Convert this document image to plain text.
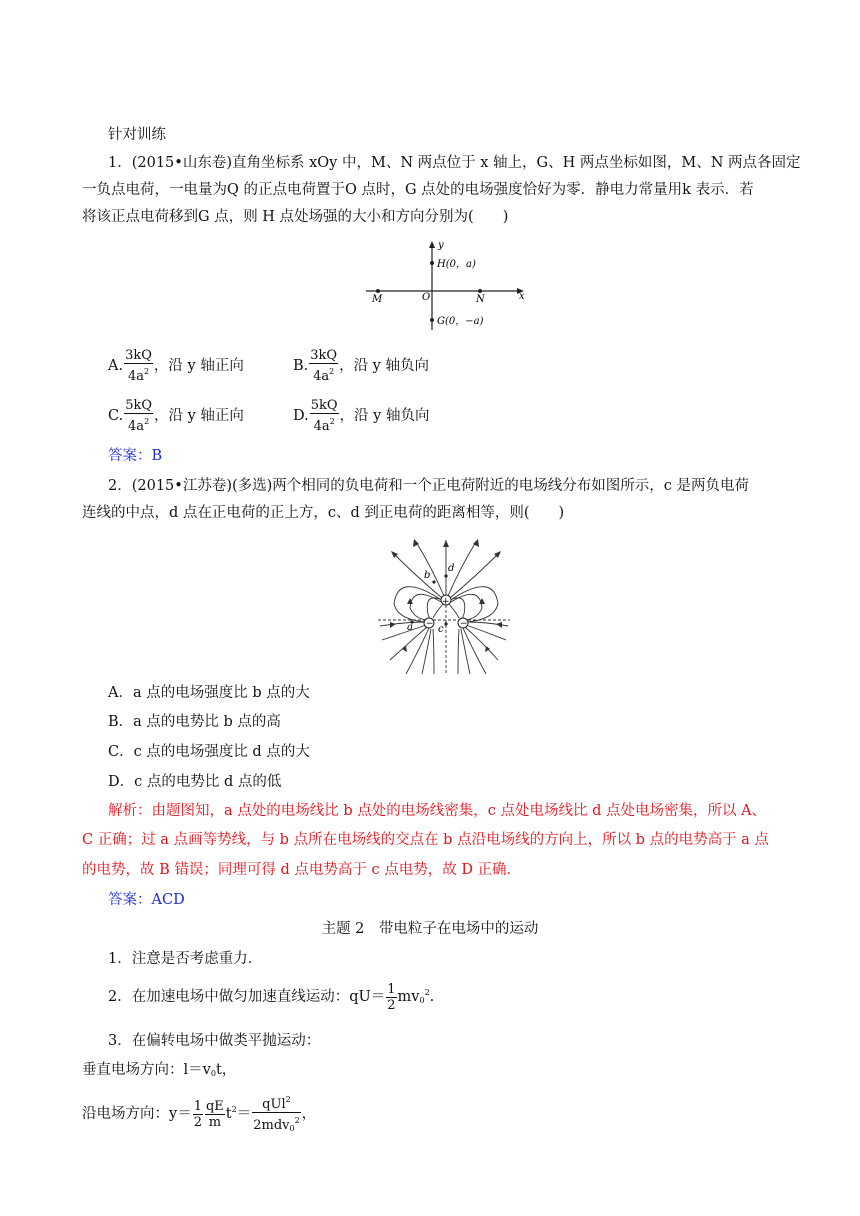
针对训练
1．(2015•山东卷)直角坐标系 xOy 中，M、N 两点位于 x 轴上，G、H 两点坐标如图，M、N 两点各固定
一负点电荷，一电量为Q 的正点电荷置于O 点时，G 点处的电场强度恰好为零．静电力常量用k 表示．若
将该正点电荷移到G 点，则 H 点处场强的大小和方向分别为(　　)
y
x
O
M	N
H(0，a)
G(0，−a)
A. $\frac{3kQ}{4a^2}$ ，沿 y 轴正向	B. $\frac{3kQ}{4a^2}$ ，沿 y 轴负向
C. $\frac{5kQ}{4a^2}$ ，沿 y 轴正向	D. $\frac{5kQ}{4a^2}$ ，沿 y 轴负向
答案：B
2．(2015•江苏卷)(多选)两个相同的负电荷和一个正电荷附近的电场线分布如图所示，c 是两负电荷
连线的中点，d 点在正电荷的正上方，c、d 到正电荷的距离相等，则(　　)
+
−	−
d
b
a	c
A．a 点的电场强度比 b 点的大
B．a 点的电势比 b 点的高
C．c 点的电场强度比 d 点的大
D．c 点的电势比 d 点的低
解析：由题图知，a 点处的电场线比 b 点处的电场线密集，c 点处电场线比 d 点处电场密集，所以 A、
C 正确；过 a 点画等势线，与 b 点所在电场线的交点在 b 点沿电场线的方向上，所以 b 点的电势高于 a 点
的电势，故 B 错误；同理可得 d 点电势高于 c 点电势，故 D 正确．
答案：ACD
主题 2　带电粒子在电场中的运动
1．注意是否考虑重力．
2．在加速电场中做匀加速直线运动：$qU= \frac{1}{2} mv_0^2$.
3．在偏转电场中做类平抛运动：
垂直电场方向：$l=v_0t$，
沿电场方向：$y= \frac{1}{2} \frac{qE}{m} t^2= \frac{qUl^2}{2mdv_0^2}$ ，
